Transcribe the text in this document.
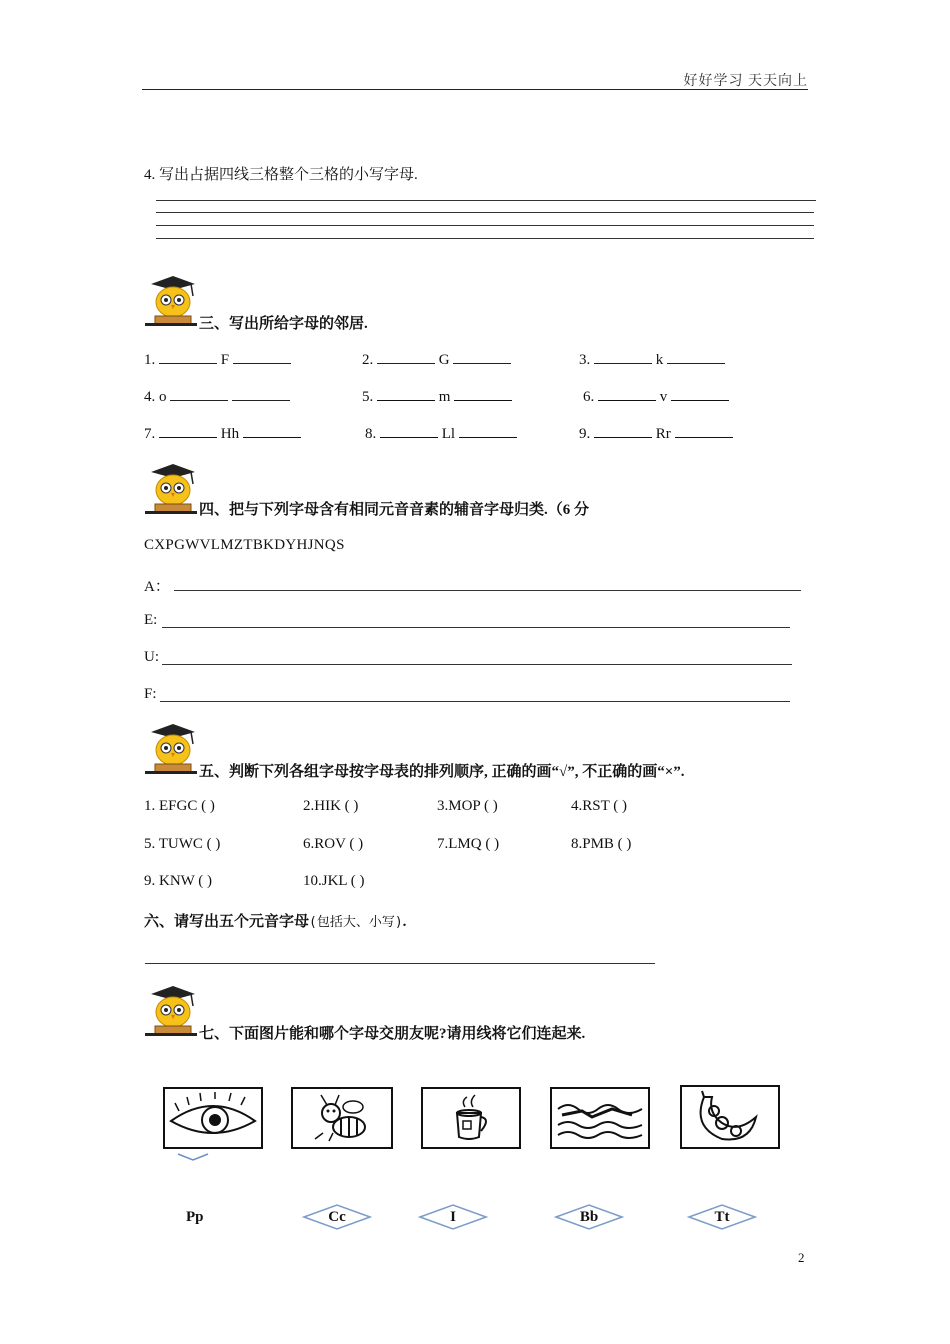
好好学习 天天向上
4. 写出占据四线三格整个三格的小写字母.
三、写出所给字母的邻居.
1.	F	2.	G	3.	k
4. o	5.	m	6.	v
7.	Hh	8.	Ll	9.	Rr
四、把与下列字母含有相同元音音素的辅音字母归类.（6 分
CXPGWVLMZTBKDYHJNQS
A：
E:
U:
F:
五、判断下列各组字母按字母表的排列顺序, 正确的画“√”, 不正确的画“×”.
1. EFGC ( )	2.HIK ( )	3.MOP ( )	4.RST ( )
5. TUWC ( )	6.ROV ( )	7.LMQ ( )	8.PMB ( )
9. KNW ( )	10.JKL ( )
六、请写出五个元音字母(包括大、小写).
七、下面图片能和哪个字母交朋友呢?请用线将它们连起来.
Pp	Cc	I	Bb	Tt
2
